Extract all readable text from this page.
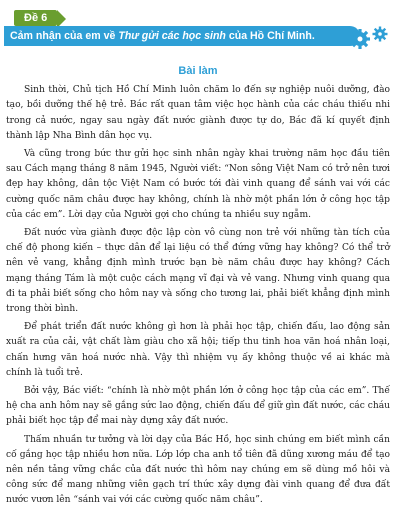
Đề 6
Cảm nhận của em về Thư gửi các học sinh của Hồ Chí Minh.
Bài làm

Sinh thời, Chủ tịch Hồ Chí Minh luôn chăm lo đến sự nghiệp nuôi dưỡng, đào tạo, bồi dưỡng thế hệ trẻ. Bác rất quan tâm việc học hành của các cháu thiếu nhi trong cả nước, ngay sau ngày đất nước giành được tự do, Bác đã kí quyết định thành lập Nha Bình dân học vụ.

Và cũng trong bức thư gửi học sinh nhân ngày khai trường năm học đầu tiên sau Cách mạng tháng 8 năm 1945, Người viết: “Non sông Việt Nam có trở nên tươi đẹp hay không, dân tộc Việt Nam có bước tới đài vinh quang để sánh vai với các cường quốc năm châu được hay không, chính là nhờ một phần lớn ở công học tập của các em”. Lời dạy của Người gợi cho chúng ta nhiều suy ngẫm.

Đất nước vừa giành được độc lập còn vô cùng non trẻ với những tàn tích của chế độ phong kiến – thực dân để lại liệu có thể đứng vững hay không? Có thể trở nên vẻ vang, khẳng định mình trước bạn bè năm châu được hay không? Cách mạng tháng Tám là một cuộc cách mạng vĩ đại và vẻ vang. Nhưng vinh quang qua đi ta phải biết sống cho hôm nay và sống cho tương lai, phải biết khẳng định mình trong thời bình.

Để phát triển đất nước không gì hơn là phải học tập, chiến đấu, lao động sản xuất ra của cải, vật chất làm giàu cho xã hội; tiếp thu tinh hoa văn hoá nhân loại, chấn hưng văn hoá nước nhà. Vậy thì nhiệm vụ ấy không thuộc về ai khác mà chính là tuổi trẻ.

Bởi vậy, Bác viết: “chính là nhờ một phần lớn ở công học tập của các em”. Thế hệ cha anh hôm nay sẽ gắng sức lao động, chiến đấu để giữ gìn đất nước, các cháu phải biết học tập để mai này dựng xây đất nước.

Thấm nhuần tư tưởng và lời dạy của Bác Hồ, học sinh chúng em biết mình cần cố gắng học tập nhiều hơn nữa. Lớp lớp cha anh tổ tiên đã dũng xương máu để tạo nên nền tảng vững chắc của đất nước thì hôm nay chúng em sẽ dùng mồ hôi và công sức để mang những viên gạch trí thức xây dựng đài vinh quang để đưa đất nước vươn lên “sánh vai với các cường quốc năm châu”.
